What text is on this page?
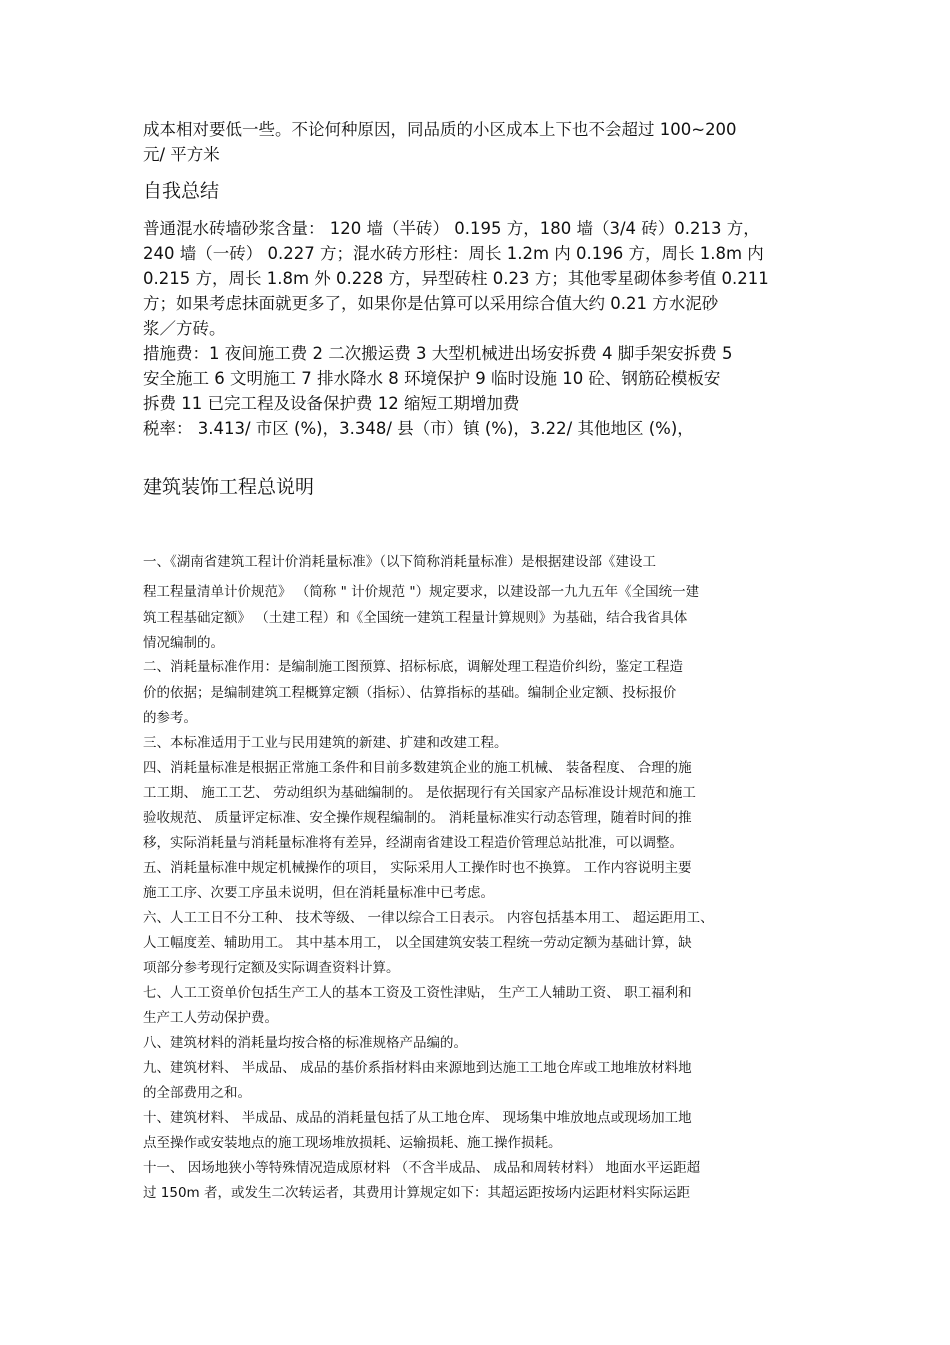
成本相对要低一些。不论何种原因，同品质的小区成本上下也不会超过 100~200
元/ 平方米
自我总结
普通混水砖墙砂浆含量： 120 墙（半砖） 0.195 方，180 墙（3/4 砖）0.213 方，
240 墙（一砖） 0.227 方；混水砖方形柱：周长 1.2m 内 0.196 方，周长 1.8m 内
0.215 方，周长 1.8m 外 0.228 方，异型砖柱 0.23 方；其他零星砌体参考值 0.211
方；如果考虑抹面就更多了，如果你是估算可以采用综合值大约 0.21 方水泥砂
浆／方砖。
措施费：1 夜间施工费 2 二次搬运费 3 大型机械进出场安拆费 4 脚手架安拆费 5
安全施工 6 文明施工 7 排水降水 8 环境保护 9 临时设施 10 砼、钢筋砼模板安
拆费 11 已完工程及设备保护费 12 缩短工期增加费
税率： 3.413/ 市区 (%)，3.348/ 县（市）镇 (%)，3.22/ 其他地区 (%)，
建筑装饰工程总说明
一、《湖南省建筑工程计价消耗量标准》（以下简称消耗量标准）是根据建设部《建设工
程工程量清单计价规范》 （简称 " 计价规范 "）规定要求，以建设部一九九五年《全国统一建
筑工程基础定额》 （土建工程）和《全国统一建筑工程量计算规则》为基础，结合我省具体
情况编制的。
二、消耗量标准作用：是编制施工图预算、招标标底，调解处理工程造价纠纷，鉴定工程造
价的依据；是编制建筑工程概算定额（指标）、估算指标的基础。编制企业定额、投标报价
的参考。
三、本标准适用于工业与民用建筑的新建、扩建和改建工程。
四、消耗量标准是根据正常施工条件和目前多数建筑企业的施工机械、 装备程度、 合理的施
工工期、 施工工艺、 劳动组织为基础编制的。 是依据现行有关国家产品标准设计规范和施工
验收规范、 质量评定标准、安全操作规程编制的。 消耗量标准实行动态管理，随着时间的推
移，实际消耗量与消耗量标准将有差异，经湖南省建设工程造价管理总站批准，可以调整。
五、消耗量标准中规定机械操作的项目， 实际采用人工操作时也不换算。 工作内容说明主要
施工工序、次要工序虽未说明，但在消耗量标准中已考虑。
六、人工工日不分工种、 技术等级、 一律以综合工日表示。 内容包括基本用工、 超运距用工、
人工幅度差、辅助用工。 其中基本用工， 以全国建筑安装工程统一劳动定额为基础计算，缺
项部分参考现行定额及实际调查资料计算。
七、人工工资单价包括生产工人的基本工资及工资性津贴， 生产工人辅助工资、 职工福利和
生产工人劳动保护费。
八、建筑材料的消耗量均按合格的标准规格产品编的。
九、建筑材料、 半成品、 成品的基价系指材料由来源地到达施工工地仓库或工地堆放材料地
的全部费用之和。
十、建筑材料、 半成品、成品的消耗量包括了从工地仓库、 现场集中堆放地点或现场加工地
点至操作或安装地点的施工现场堆放损耗、运输损耗、施工操作损耗。
十一、 因场地狭小等特殊情况造成原材料 （不含半成品、 成品和周转材料） 地面水平运距超
过 150m 者，或发生二次转运者，其费用计算规定如下：其超运距按场内运距材料实际运距
